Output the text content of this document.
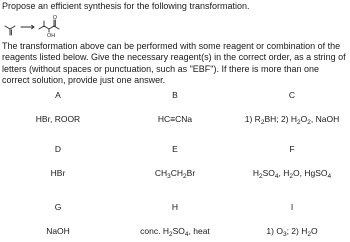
Propose an efficient synthesis for the following transformation.
O
OH
The transformation above can be performed with some reagent or combination of the reagents listed below. Give the necessary reagent(s) in the correct order, as a string of letters (without spaces or punctuation, such as "EBF"). If there is more than one correct solution, provide just one answer.
A
HBr, ROOR
B
HC≡CNa
C
1) $R_2BH$; 2) $H_2O_2$, NaOH
D
HBr
E
$CH_3CH_2Br$
F
$H_2SO_4$, $H_2O$, HgSO$_4$
G
NaOH
H
conc. $H_2SO_4$, heat
I
1) $O_3$; 2) $H_2O$
